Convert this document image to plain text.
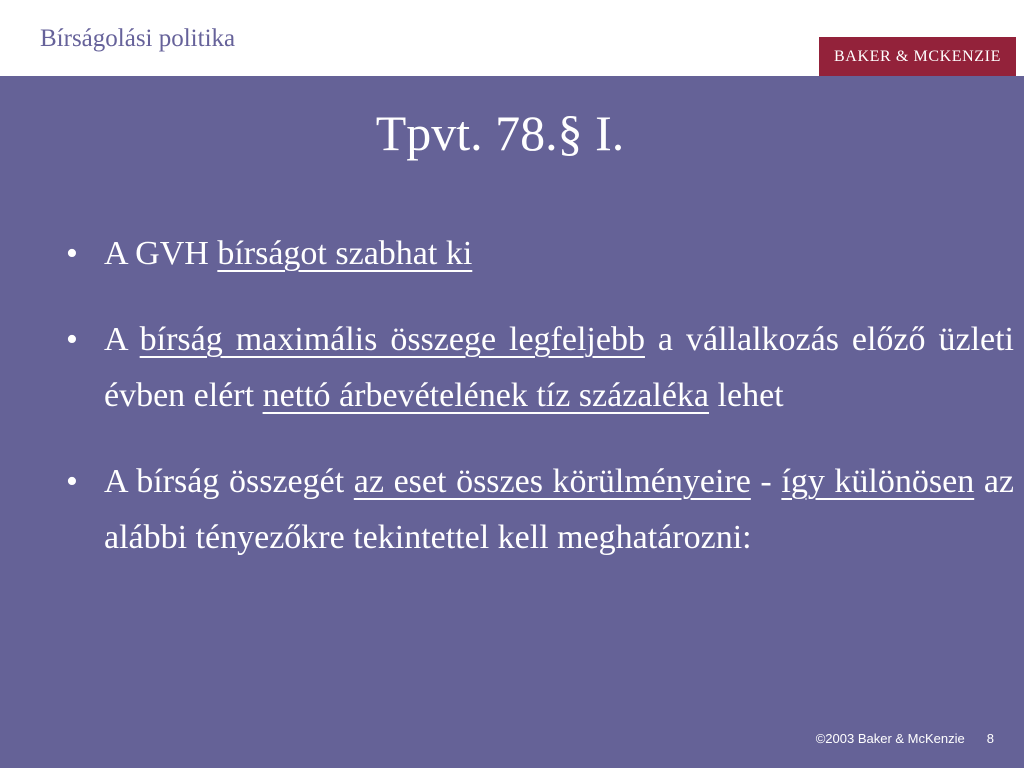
Bírságolási politika
BAKER & MCKENZIE
Tpvt. 78.§ I.
• A GVH bírságot szabhat ki
• A bírság maximális összege legfeljebb a vállalkozás előző üzleti évben elért nettó árbevételének tíz százaléka lehet
• A bírság összegét az eset összes körülményeire - így különösen az alábbi tényezőkre tekintettel kell meghatározni:
©2003 Baker & McKenzie 8
